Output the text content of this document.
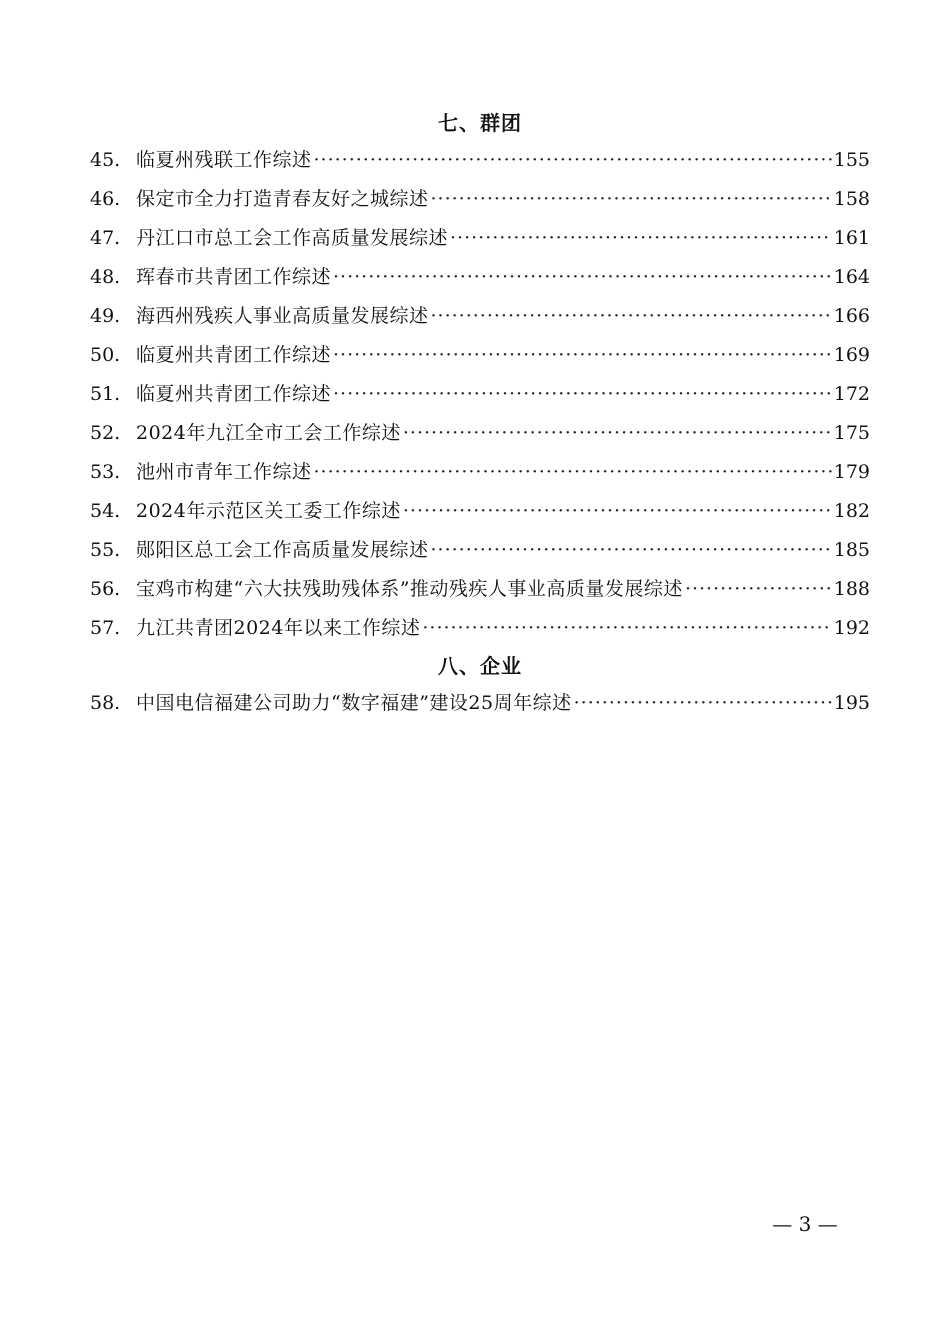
七、群团
45. 临夏州残联工作综述 ·····	155
46. 保定市全力打造青春友好之城综述 ·····	158
47. 丹江口市总工会工作高质量发展综述 ·····	161
48. 珲春市共青团工作综述 ·····	164
49. 海西州残疾人事业高质量发展综述 ·····	166
50. 临夏州共青团工作综述 ·····	169
51. 临夏州共青团工作综述 ·····	172
52. 2024年九江全市工会工作综述 ·····	175
53. 池州市青年工作综述 ·····	179
54. 2024年示范区关工委工作综述 ·····	182
55. 郧阳区总工会工作高质量发展综述 ·····	185
56. 宝鸡市构建“六大扶残助残体系”推动残疾人事业高质量发展综述 ·····	188
57. 九江共青团2024年以来工作综述 ·····	192
八、企业
58. 中国电信福建公司助力“数字福建”建设25周年综述 ·····	195
— 3 —
